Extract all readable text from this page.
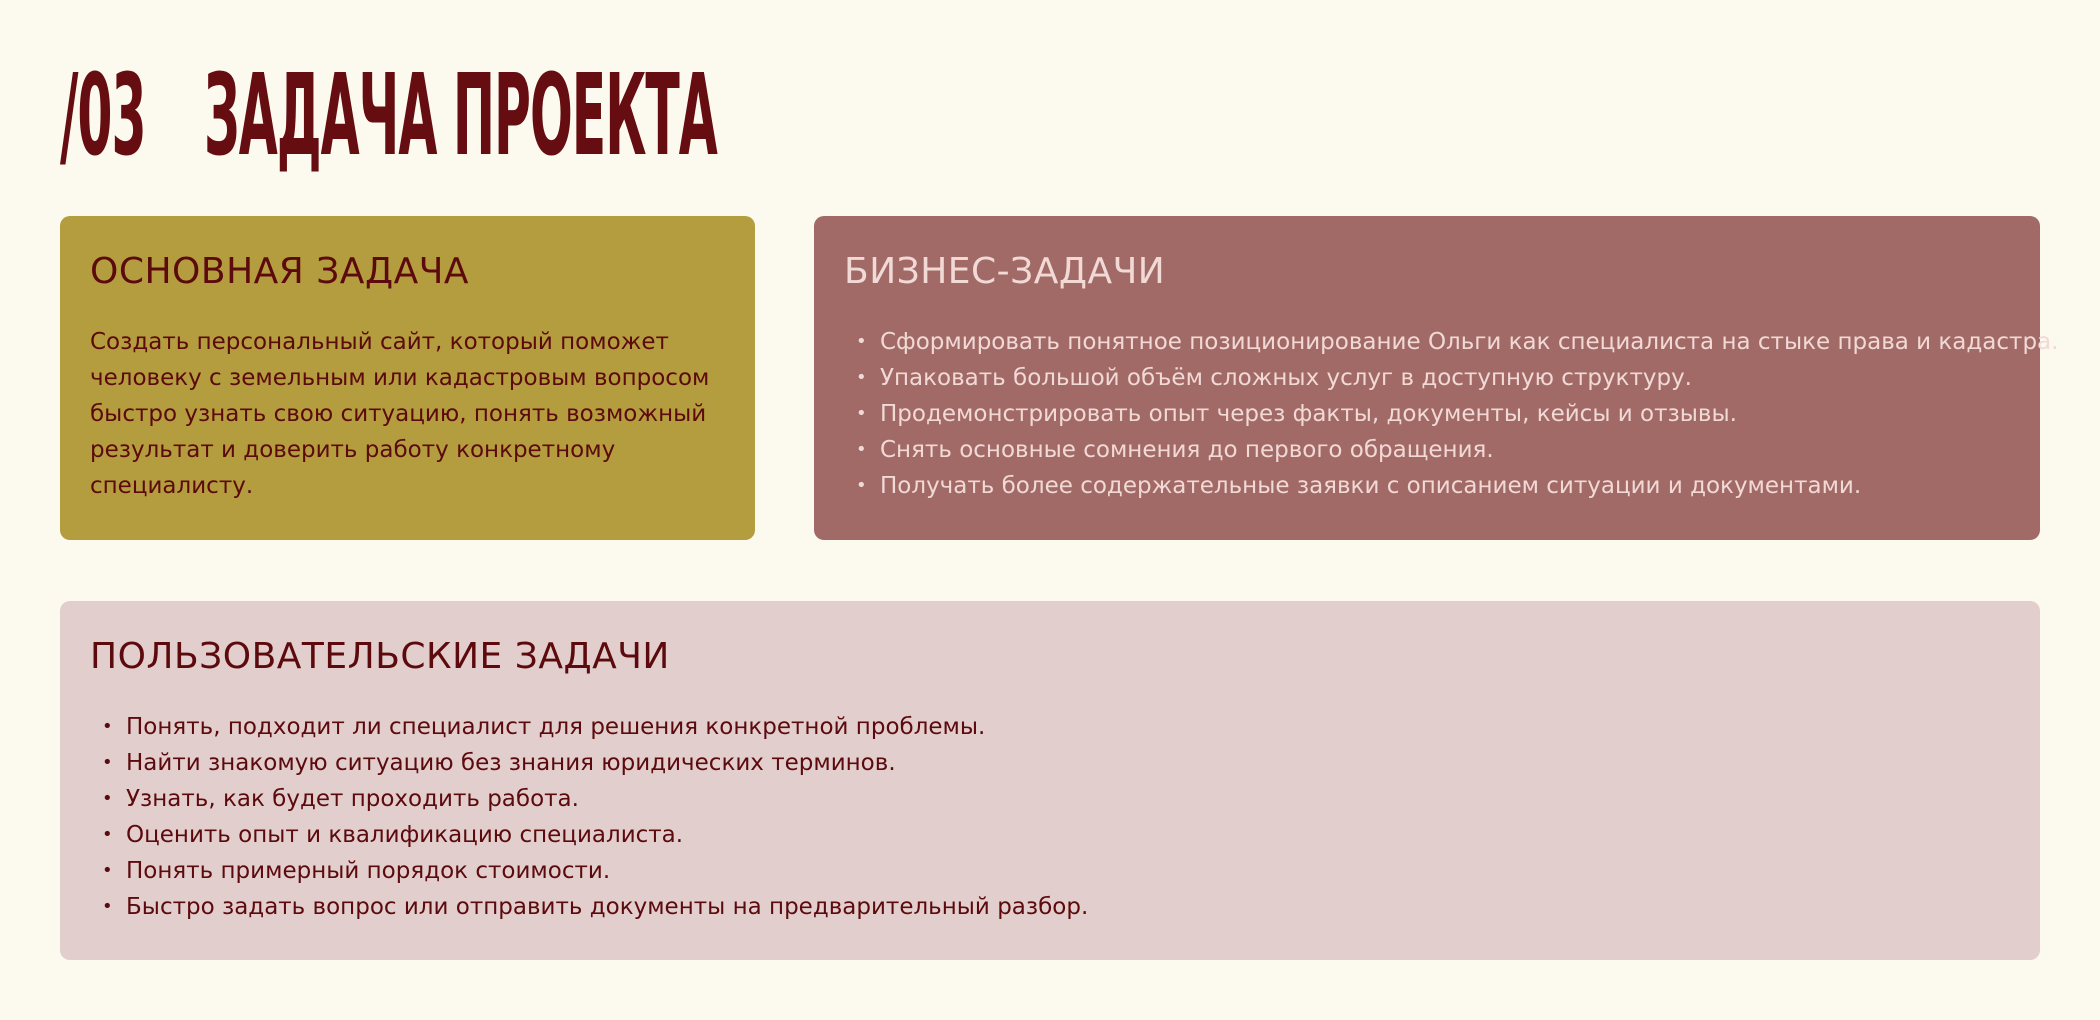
/03 ЗАДАЧА ПРОЕКТА
ОСНОВНАЯ ЗАДАЧА

Создать персональный сайт, который поможет
человеку с земельным или кадастровым вопросом
быстро узнать свою ситуацию, понять возможный
результат и доверить работу конкретному
специалисту.

БИЗНЕС-ЗАДАЧИ
• Сформировать понятное позиционирование Ольги как специалиста на стыке права и кадастра.
• Упаковать большой объём сложных услуг в доступную структуру.
• Продемонстрировать опыт через факты, документы, кейсы и отзывы.
• Снять основные сомнения до первого обращения.
• Получать более содержательные заявки с описанием ситуации и документами.
ПОЛЬЗОВАТЕЛЬСКИЕ ЗАДАЧИ
• Понять, подходит ли специалист для решения конкретной проблемы.
• Найти знакомую ситуацию без знания юридических терминов.
• Узнать, как будет проходить работа.
• Оценить опыт и квалификацию специалиста.
• Понять примерный порядок стоимости.
• Быстро задать вопрос или отправить документы на предварительный разбор.
